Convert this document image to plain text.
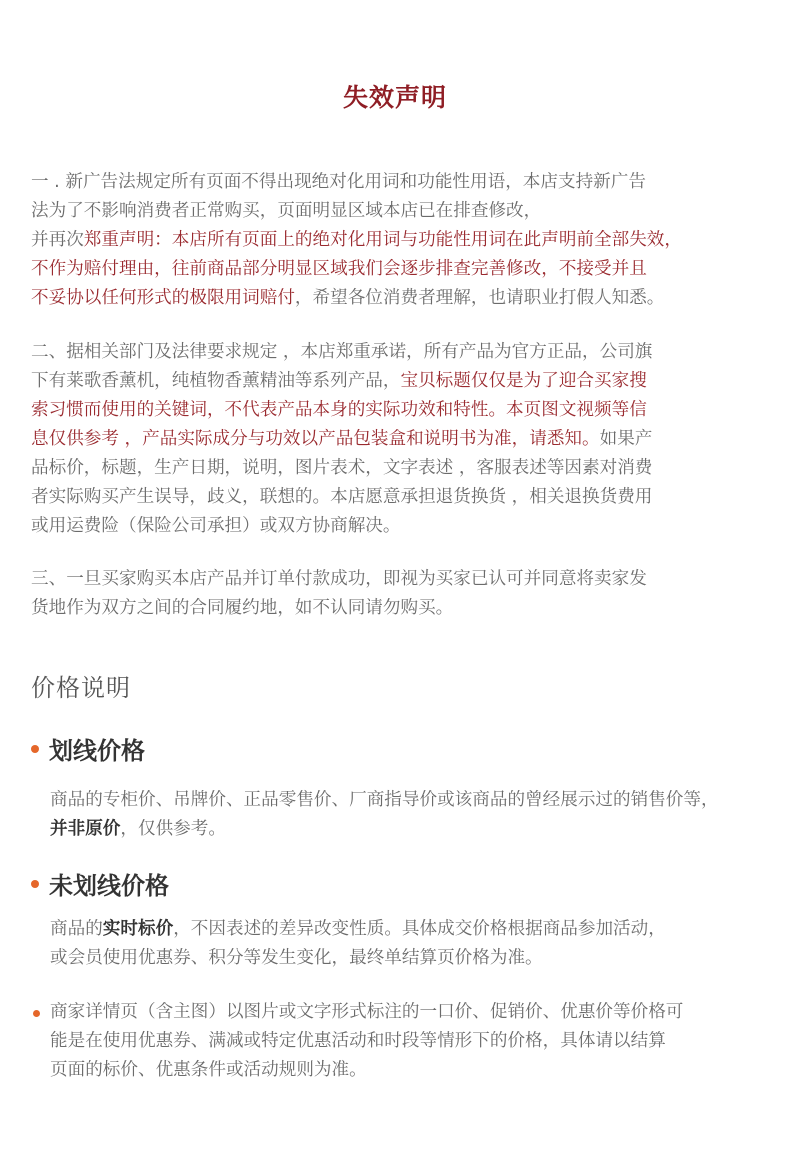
失效声明
一 . 新广告法规定所有页面不得出现绝对化用词和功能性用语，本店支持新广告
法为了不影响消费者正常购买，页面明显区域本店已在排查修改，
并再次郑重声明：本店所有页面上的绝对化用词与功能性用词在此声明前全部失效，
不作为赔付理由，往前商品部分明显区域我们会逐步排查完善修改，不接受并且
不妥协以任何形式的极限用词赔付，希望各位消费者理解，也请职业打假人知悉。
二、据相关部门及法律要求规定 ，本店郑重承诺，所有产品为官方正品，公司旗
下有莱歌香薰机，纯植物香薰精油等系列产品，宝贝标题仅仅是为了迎合买家搜
索习惯而使用的关键词，不代表产品本身的实际功效和特性。本页图文视频等信
息仅供参考 ，产品实际成分与功效以产品包装盒和说明书为准，请悉知。如果产
品标价，标题，生产日期，说明，图片表术，文字表述 ，客服表述等因素对消费
者实际购买产生误导，歧义，联想的。本店愿意承担退货换货 ，相关退换货费用
或用运费险（保险公司承担）或双方协商解决。
三、一旦买家购买本店产品并订单付款成功，即视为买家已认可并同意将卖家发
货地作为双方之间的合同履约地，如不认同请勿购买。
价格说明
划线价格
商品的专柜价、吊牌价、正品零售价、厂商指导价或该商品的曾经展示过的销售价等，
并非原价，仅供参考。
未划线价格
商品的实时标价，不因表述的差异改变性质。具体成交价格根据商品参加活动，
或会员使用优惠券、积分等发生变化，最终单结算页价格为准。
商家详情页（含主图）以图片或文字形式标注的一口价、促销价、优惠价等价格可
能是在使用优惠券、满减或特定优惠活动和时段等情形下的价格，具体请以结算
页面的标价、优惠条件或活动规则为准。
